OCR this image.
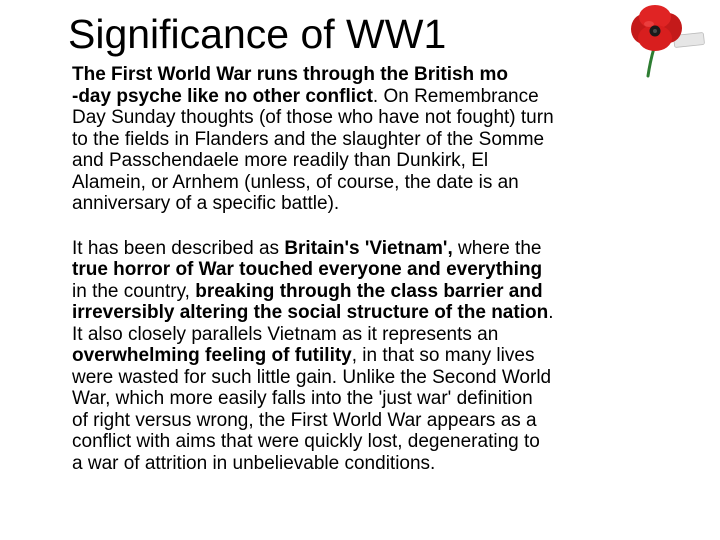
Significance of WW1
The First World War runs through the British mo
-day psyche like no other conflict. On Remembrance
Day Sunday thoughts (of those who have not fought) turn
to the fields in Flanders and the slaughter of the Somme
and Passchendaele more readily than Dunkirk, El
Alamein, or Arnhem (unless, of course, the date is an
anniversary of a specific battle).
It has been described as Britain's 'Vietnam', where the
true horror of War touched everyone and everything
in the country, breaking through the class barrier and
irreversibly altering the social structure of the nation.
It also closely parallels Vietnam as it represents an
overwhelming feeling of futility, in that so many lives
were wasted for such little gain. Unlike the Second World
War, which more easily falls into the 'just war' definition
of right versus wrong, the First World War appears as a
conflict with aims that were quickly lost, degenerating to
a war of attrition in unbelievable conditions.
